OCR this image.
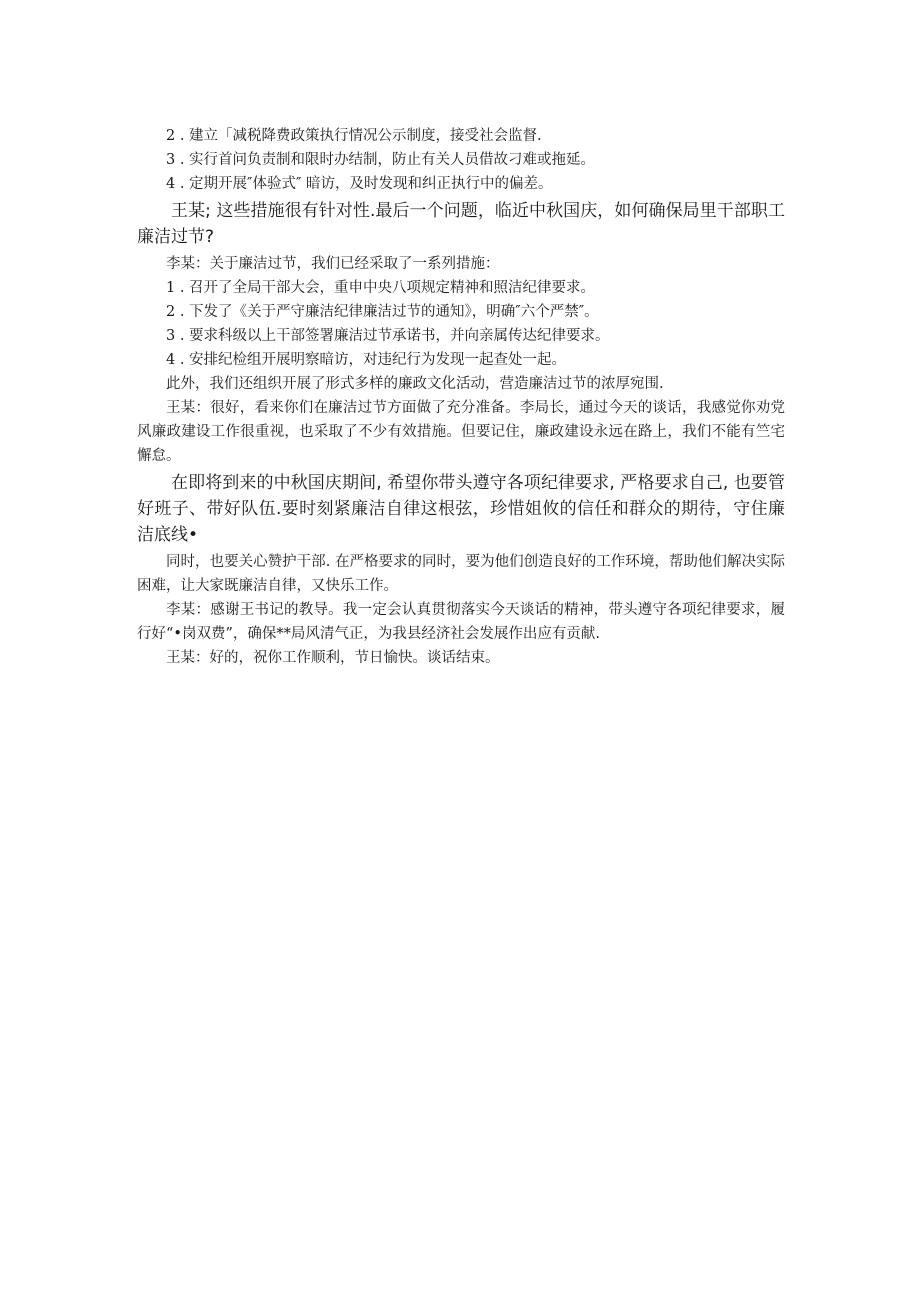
2 . 建立「减税降费政策执行情况公示制度，接受社会监督.

3 . 实行首问负责制和限时办结制，防止有关人员借故刁难或拖延。

4 . 定期开展″体验式″ 暗访，及时发现和纠正执行中的偏差。

王某; 这些措施很有针对性.最后一个问题，临近中秋国庆，如何确保局里干部职工廉洁过节?

李某：关于廉洁过节，我们已经采取了一系列措施：

1 . 召开了全局干部大会，重申中央八项规定精神和照洁纪律要求。

2 . 下发了《关于严守廉洁纪律廉洁过节的通知》，明确″六个严禁″。

3 . 要求科级以上干部签署廉洁过节承诺书，并向亲属传达纪律要求。

4 . 安排纪检组开展明察暗访，对违纪行为发现一起查处一起。

此外，我们还组织开展了形式多样的廉政文化活动，营造廉洁过节的浓厚宛围.

王某：很好，看来你们在廉洁过节方面做了充分准备。李局长，通过今天的谈话，我感觉你劝党风廉政建设工作很重视，也采取了不少有效措施。但要记住，廉政建设永远在路上，我们不能有竺宅懈怠。

在即将到来的中秋国庆期间, 希望你带头遵守各项纪律要求, 严格要求自己, 也要管好班子、带好队伍.要时刻紧廉洁自律这根弦，珍惜姐攸的信任和群众的期待，守住廉洁底线•

同时，也要关心赞护干部. 在严格要求的同时，要为他们创造良好的工作环境，帮助他们解决实际困难，让大家既廉洁自律，又快乐工作。

李某：感谢王书记的教导。我一定会认真贯彻落实今天谈话的精神，带头遵守各项纪律要求，履行好“•岗双费”，确保**局风清气正，为我县经济社会发展作出应有贡献.

王某：好的，祝你工作顺利，节日愉快。谈话结束。
